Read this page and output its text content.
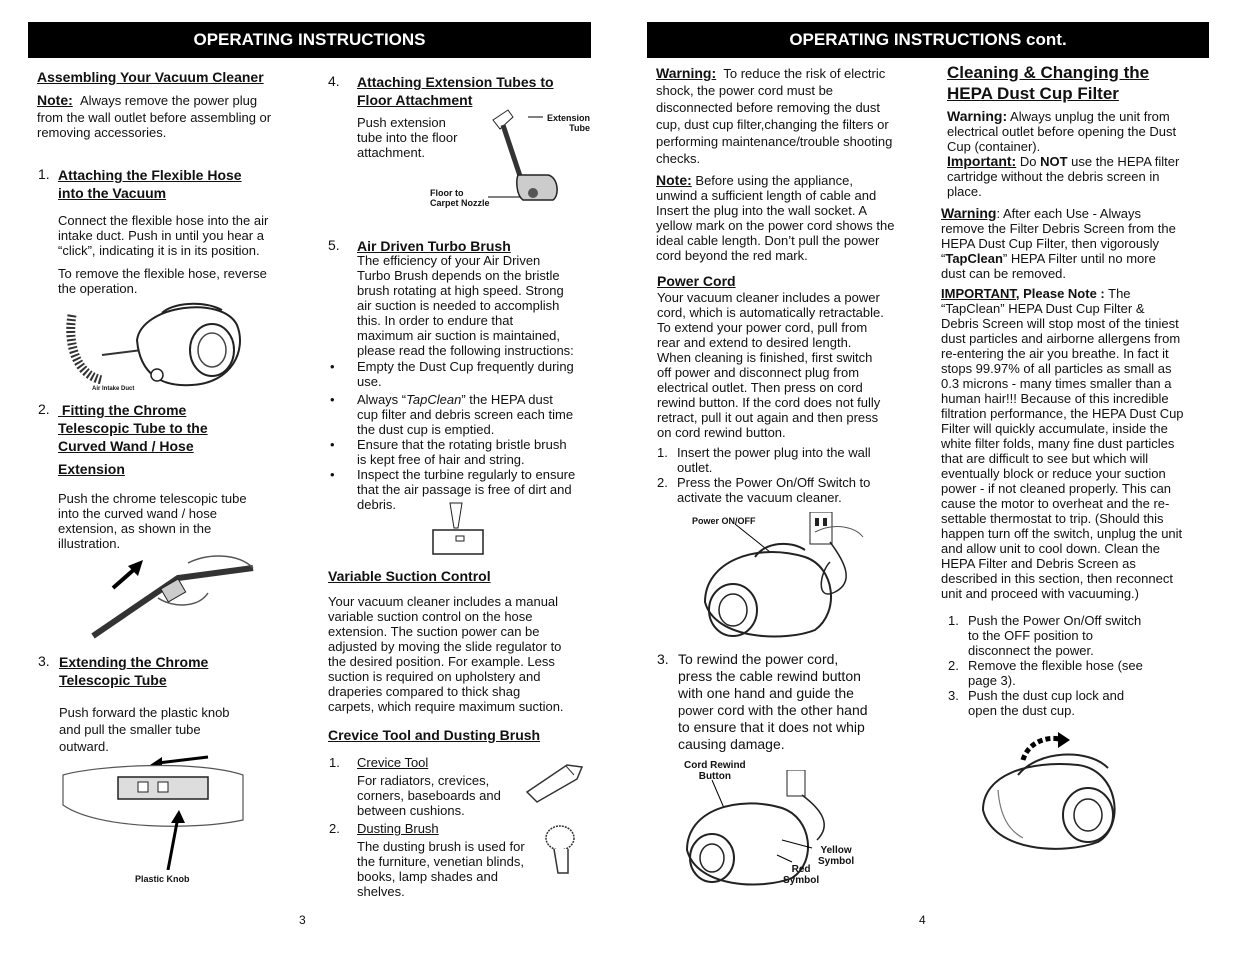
OPERATING INSTRUCTIONS
Assembling Your Vacuum Cleaner

Note: Always remove the power plug

from the wall outlet before assembling or

removing accessories.

1. Attaching the Flexible Hose
into the Vacuum

Connect the flexible hose into the air

intake duct. Push in until you hear a

“click”, indicating it is in its position.

To remove the flexible hose, reverse

the operation.

Air Intake Duct
2. Fitting the Chrome
Telescopic Tube to the
Curved Wand / Hose
Extension

Push the chrome telescopic tube

into the curved wand / hose

extension, as shown in the

illustration.

3. Extending the Chrome
Telescopic Tube

Push forward the plastic knob

and pull the smaller tube

outward.

Plastic Knob
3
4. Attaching Extension Tubes to
Floor Attachment

Push extension

tube into the floor

attachment.

Extension
Tube
Floor to
Carpet Nozzle
5. Air Driven Turbo Brush

The efficiency of your Air Driven

Turbo Brush depends on the bristle

brush rotating at high speed. Strong

air suction is needed to accomplish

this. In order to endure that

maximum air suction is maintained,

please read the following instructions:

• Empty the Dust Cup frequently during
use.
• Always “TapClean” the HEPA dust
cup filter and debris screen each time
the dust cup is emptied.
• Ensure that the rotating bristle brush
is kept free of hair and string.
• Inspect the turbine regularly to ensure
that the air passage is free of dirt and
debris.
Variable Suction Control

Your vacuum cleaner includes a manual

variable suction control on the hose

extension. The suction power can be

adjusted by moving the slide regulator to

the desired position. For example. Less

suction is required on upholstery and

draperies compared to thick shag

carpets, which require maximum suction.

Crevice Tool and Dusting Brush
1. Crevice Tool

For radiators, crevices,

corners, baseboards and

between cushions.

2. Dusting Brush

The dusting brush is used for

the furniture, venetian blinds,

books, lamp shades and

shelves.

OPERATING INSTRUCTIONS cont.

Warning: To reduce the risk of electric

shock, the power cord must be

disconnected before removing the dust

cup, dust cup filter,changing the filters or

performing maintenance/trouble shooting

checks.

Note: Before using the appliance,

unwind a sufficient length of cable and

Insert the plug into the wall socket. A

yellow mark on the power cord shows the

ideal cable length. Don’t pull the power

cord beyond the red mark.

Power Cord

Your vacuum cleaner includes a power

cord, which is automatically retractable.

To extend your power cord, pull from

rear and extend to desired length.

When cleaning is finished, first switch

off power and disconnect plug from

electrical outlet. Then press on cord

rewind button. If the cord does not fully

retract, pull it out again and then press

on cord rewind button.

1. Insert the power plug into the wall

outlet.

2. Press the Power On/Off Switch to

activate the vacuum cleaner.

Power ON/OFF
3. To rewind the power cord,
press the cable rewind button
with one hand and guide the
power cord with the other hand
to ensure that it does not whip
causing damage.
Cord Rewind
Button
Yellow
Symbol
Red
Symbol
4
Cleaning & Changing the
HEPA Dust Cup Filter

Warning: Always unplug the unit from

electrical outlet before opening the Dust

Cup (container).

Important: Do NOT use the HEPA filter

cartridge without the debris screen in

place.

Warning: After each Use - Always

remove the Filter Debris Screen from the

HEPA Dust Cup Filter, then vigorously

“TapClean” HEPA Filter until no more

dust can be removed.

IMPORTANT, Please Note : The

“TapClean” HEPA Dust Cup Filter &

Debris Screen will stop most of the tiniest

dust particles and airborne allergens from

re-entering the air you breathe. In fact it

stops 99.97% of all particles as small as

0.3 microns - many times smaller than a

human hair!!! Because of this incredible

filtration performance, the HEPA Dust Cup

Filter will quickly accumulate, inside the

white filter folds, many fine dust particles

that are difficult to see but which will

eventually block or reduce your suction

power - if not cleaned properly. This can

cause the motor to overheat and the re-

settable thermostat to trip. (Should this

happen turn off the switch, unplug the unit

and allow unit to cool down. Clean the

HEPA Filter and Debris Screen as

described in this section, then reconnect

unit and proceed with vacuuming.)

1. Push the Power On/Off switch

to the OFF position to

disconnect the power.

2. Remove the flexible hose (see

page 3).

3. Push the dust cup lock and

open the dust cup.
